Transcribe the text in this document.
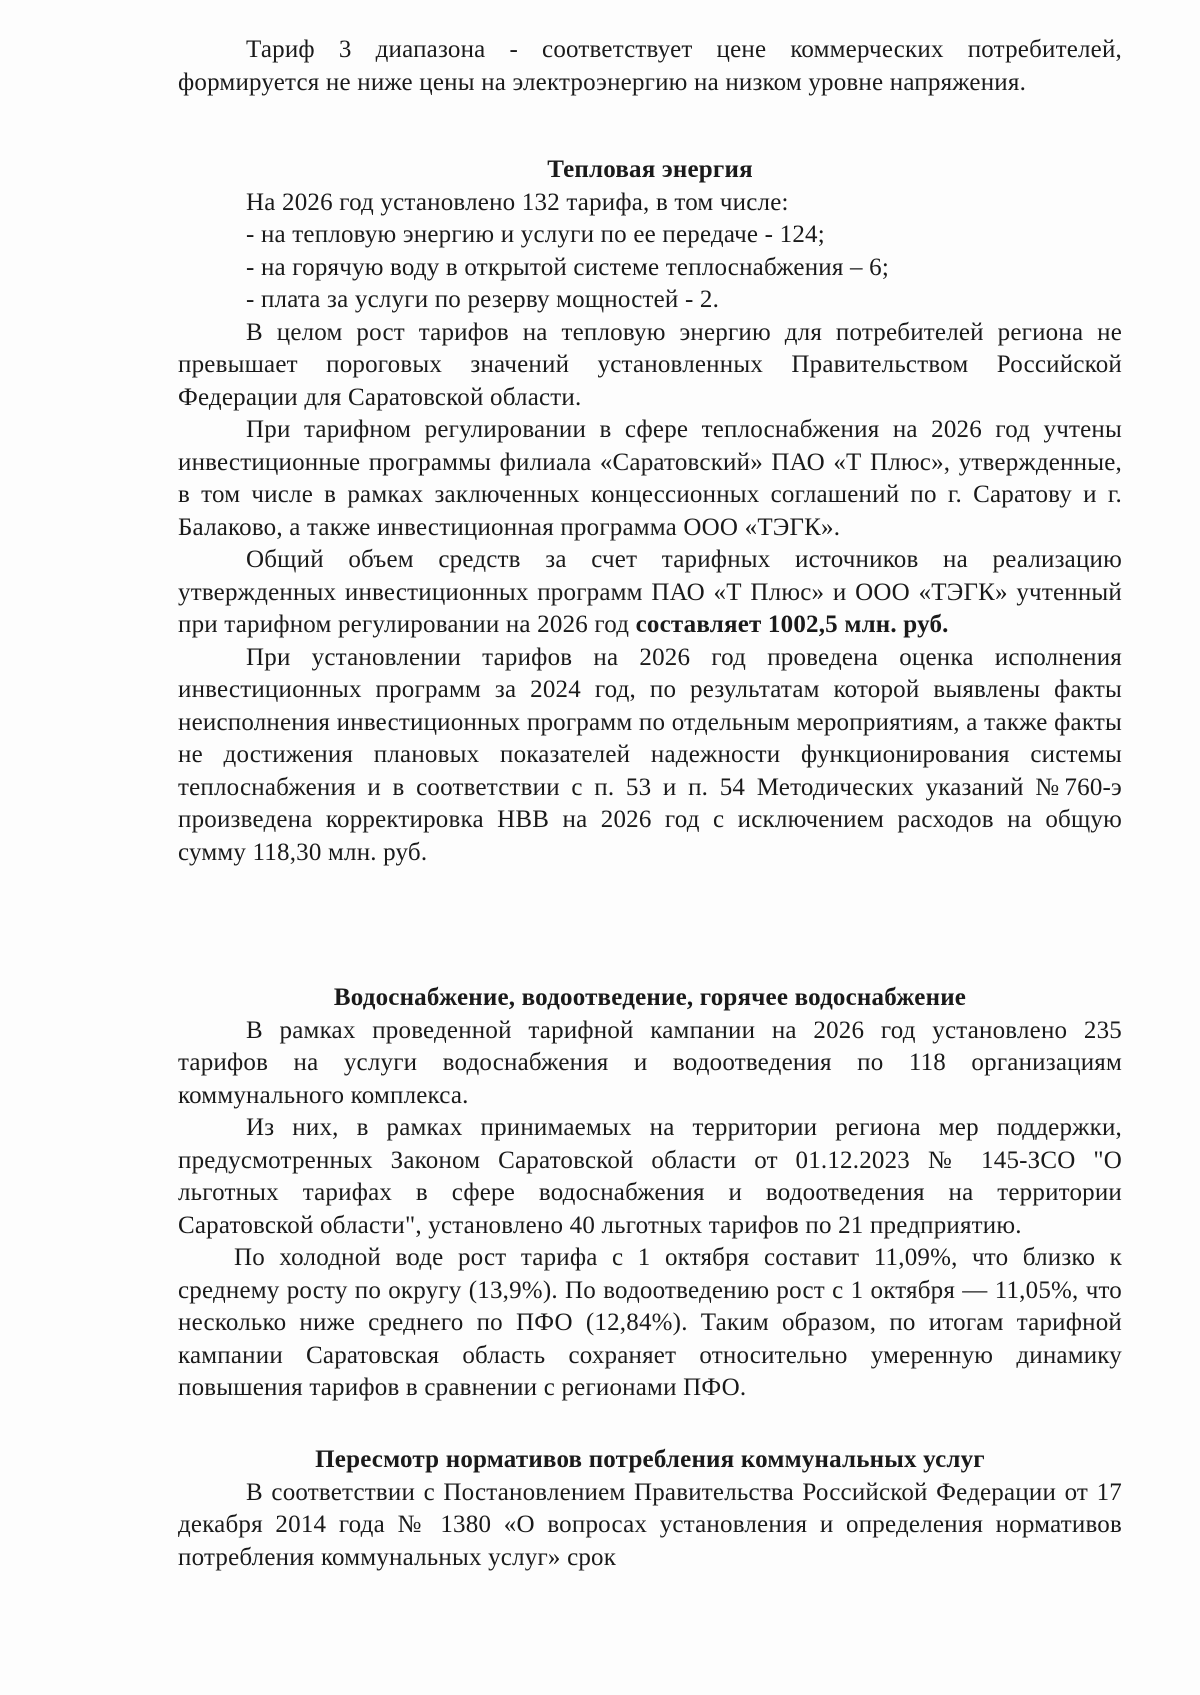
Тариф 3 диапазона - соответствует цене коммерческих потребителей, формируется не ниже цены на электроэнергию на низком уровне напряжения.

Тепловая энергия

На 2026 год установлено 132 тарифа, в том числе:

- на тепловую энергию и услуги по ее передаче - 124;

- на горячую воду в открытой системе теплоснабжения – 6;

- плата за услуги по резерву мощностей - 2.

В целом рост тарифов на тепловую энергию для потребителей региона не превышает пороговых значений установленных Правительством Российской Федерации для Саратовской области.

При тарифном регулировании в сфере теплоснабжения на 2026 год учтены инвестиционные программы филиала «Саратовский» ПАО «Т Плюс», утвержденные, в том числе в рамках заключенных концессионных соглашений по г. Саратову и г. Балаково, а также инвестиционная программа ООО «ТЭГК».

Общий объем средств за счет тарифных источников на реализацию утвержденных инвестиционных программ ПАО «Т Плюс» и ООО «ТЭГК» учтенный при тарифном регулировании на 2026 год составляет 1002,5 млн. руб.

При установлении тарифов на 2026 год проведена оценка исполнения инвестиционных программ за 2024 год, по результатам которой выявлены факты неисполнения инвестиционных программ по отдельным мероприятиям, а также факты не достижения плановых показателей надежности функционирования системы теплоснабжения и в соответствии с п. 53 и п. 54 Методических указаний №760-э произведена корректировка НВВ на 2026 год с исключением расходов на общую сумму 118,30 млн. руб.

Водоснабжение, водоотведение, горячее водоснабжение

В рамках проведенной тарифной кампании на 2026 год установлено 235 тарифов на услуги водоснабжения и водоотведения по 118 организациям коммунального комплекса.

Из них, в рамках принимаемых на территории региона мер поддержки, предусмотренных Законом Саратовской области от 01.12.2023 № 145-ЗСО "О льготных тарифах в сфере водоснабжения и водоотведения на территории Саратовской области", установлено 40 льготных тарифов по 21 предприятию.

По холодной воде рост тарифа с 1 октября составит 11,09%, что близко к среднему росту по округу (13,9%). По водоотведению рост с 1 октября — 11,05%, что несколько ниже среднего по ПФО (12,84%). Таким образом, по итогам тарифной кампании Саратовская область сохраняет относительно умеренную динамику повышения тарифов в сравнении с регионами ПФО.

Пересмотр нормативов потребления коммунальных услуг

В соответствии с Постановлением Правительства Российской Федерации от 17 декабря 2014 года № 1380 «О вопросах установления и определения нормативов потребления коммунальных услуг» срок
